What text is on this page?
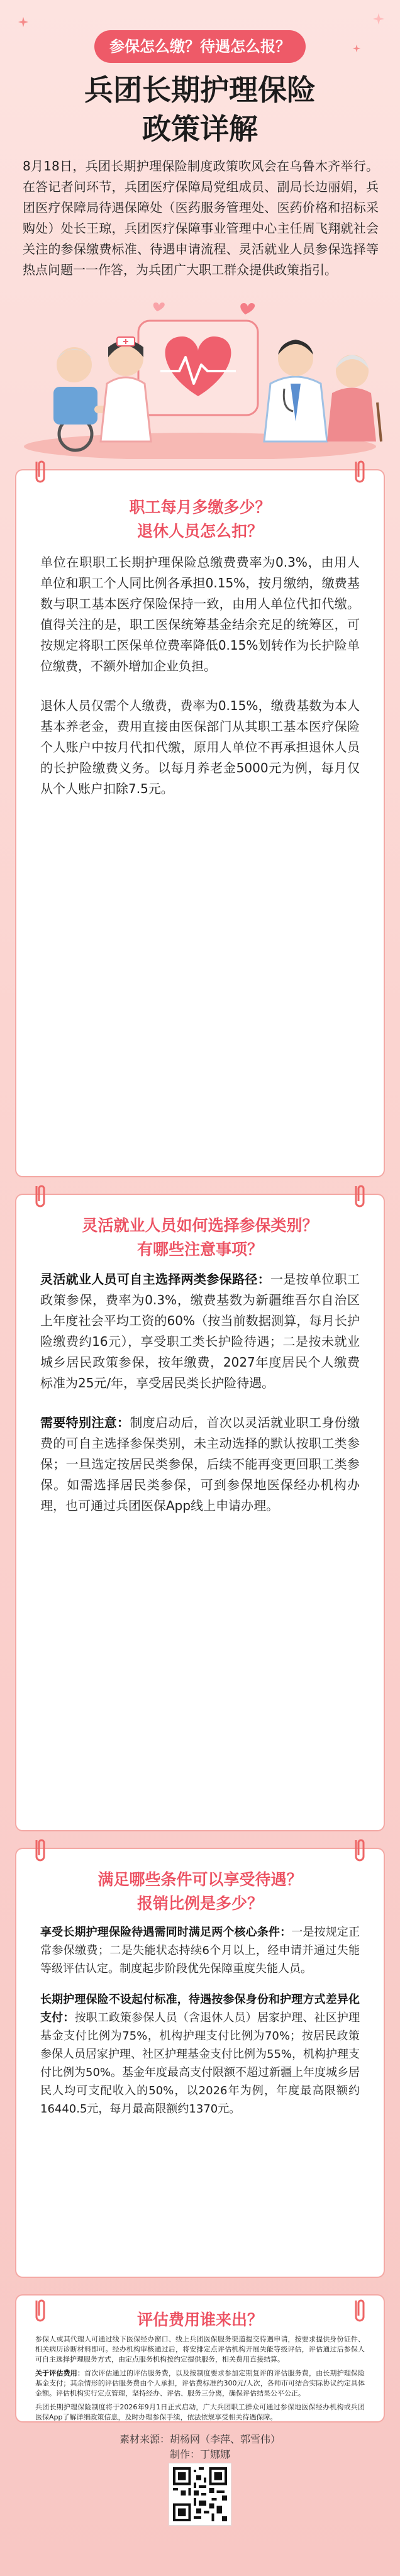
参保怎么缴？待遇怎么报？
兵团长期护理保险
政策详解
8月18日，兵团长期护理保险制度政策吹风会在乌鲁木齐举行。在答记者问环节，兵团医疗保障局党组成员、副局长边丽娟，兵团医疗保障局待遇保障处（医药服务管理处、医药价格和招标采购处）处长王琼，兵团医疗保障事业管理中心主任周飞翔就社会关注的参保缴费标准、待遇申请流程、灵活就业人员参保选择等热点问题一一作答，为兵团广大职工群众提供政策指引。
职工每月多缴多少？
退休人员怎么扣？

单位在职职工长期护理保险总缴费费率为0.3%，由用人单位和职工个人同比例各承担0.15%，按月缴纳，缴费基数与职工基本医疗保险保持一致，由用人单位代扣代缴。值得关注的是，职工医保统筹基金结余充足的统筹区，可按规定将职工医保单位费率降低0.15%划转作为长护险单位缴费，不额外增加企业负担。

退休人员仅需个人缴费，费率为0.15%，缴费基数为本人基本养老金，费用直接由医保部门从其职工基本医疗保险个人账户中按月代扣代缴，原用人单位不再承担退休人员的长护险缴费义务。以每月养老金5000元为例，每月仅从个人账户扣除7.5元。

灵活就业人员如何选择参保类别？
有哪些注意事项？

灵活就业人员可自主选择两类参保路径：一是按单位职工政策参保，费率为0.3%，缴费基数为新疆维吾尔自治区上年度社会平均工资的60%（按当前数据测算，每月长护险缴费约16元），享受职工类长护险待遇；二是按未就业城乡居民政策参保，按年缴费，2027年度居民个人缴费标准为25元/年，享受居民类长护险待遇。

需要特别注意：制度启动后，首次以灵活就业职工身份缴费的可自主选择参保类别，未主动选择的默认按职工类参保；一旦选定按居民类参保，后续不能再变更回职工类参保。如需选择居民类参保，可到参保地医保经办机构办理，也可通过兵团医保App线上申请办理。

满足哪些条件可以享受待遇？
报销比例是多少？

享受长期护理保险待遇需同时满足两个核心条件：一是按规定正常参保缴费；二是失能状态持续6个月以上，经申请并通过失能等级评估认定。制度起步阶段优先保障重度失能人员。

长期护理保险不设起付标准，待遇按参保身份和护理方式差异化支付：按职工政策参保人员（含退休人员）居家护理、社区护理基金支付比例为75%，机构护理支付比例为70%；按居民政策参保人员居家护理、社区护理基金支付比例为55%，机构护理支付比例为50%。基金年度最高支付限额不超过新疆上年度城乡居民人均可支配收入的50%，以2026年为例，年度最高限额约16440.5元，每月最高限额约1370元。

评估费用谁来出？

参保人或其代理人可通过线下医保经办窗口、线上兵团医保服务渠道提交待遇申请，按要求提供身份证件、相关病历诊断材料即可。经办机构审核通过后，将安排定点评估机构开展失能等级评估，评估通过后参保人可自主选择护理服务方式，由定点服务机构按约定提供服务，相关费用直接结算。

关于评估费用：首次评估通过的评估服务费，以及按制度要求参加定期复评的评估服务费，由长期护理保险基金支付；其余情形的评估服务费由个人承担，评估费标准约300元/人次，各师市可结合实际协议约定具体金额。评估机构实行定点管理，坚持经办、评估、服务三分离，确保评估结果公平公正。

兵团长期护理保险制度将于2026年9月1日正式启动，广大兵团职工群众可通过参保地医保经办机构或兵团医保App了解详细政策信息，及时办理参保手续，依法依规享受相关待遇保障。

素材来源：胡杨网（李萍、郭雪伟）
制作：丁娜娜
